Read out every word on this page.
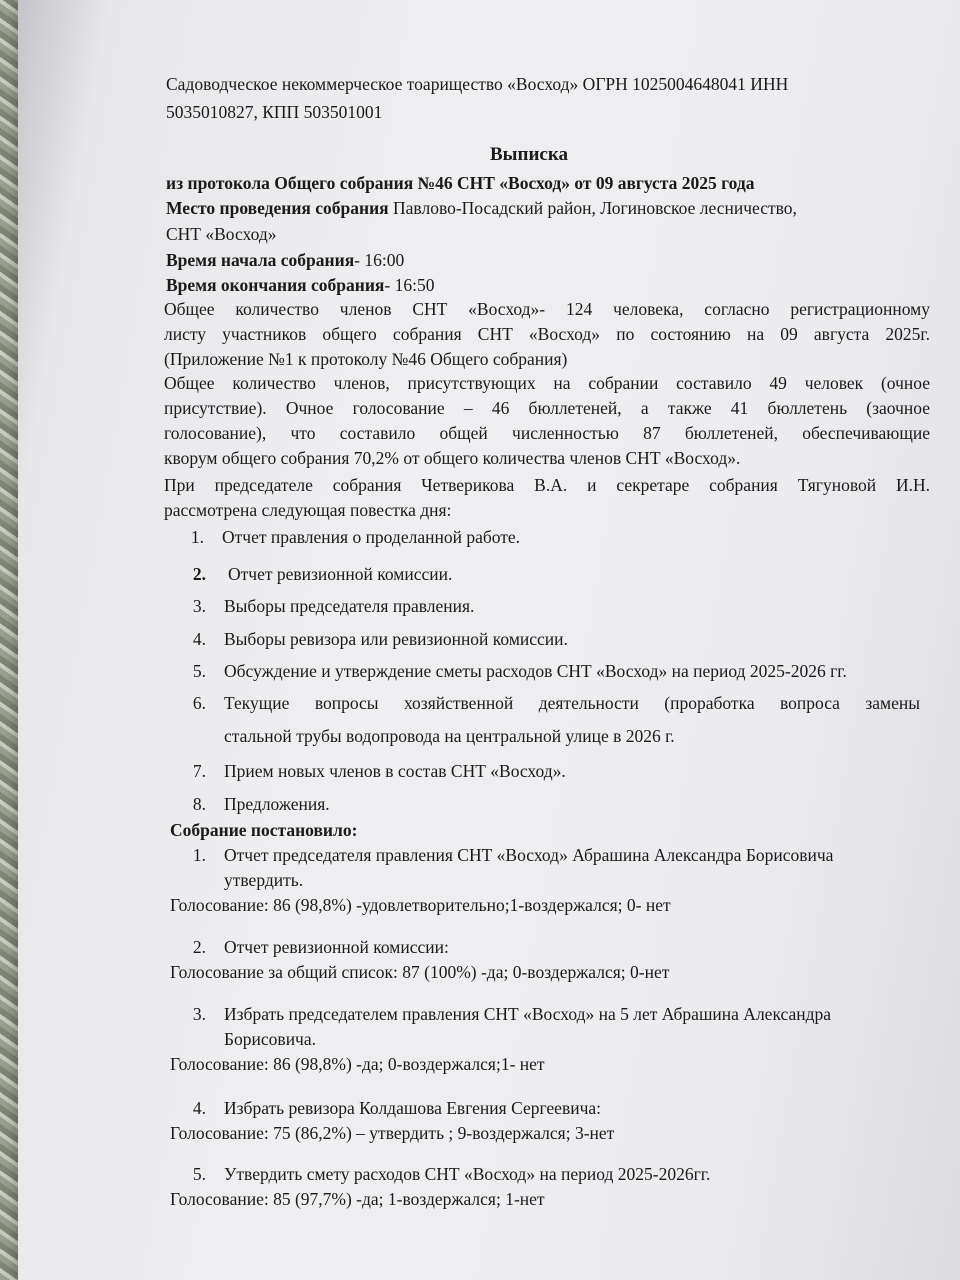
Садоводческое некоммерческое тоарищество «Восход» ОГРН 1025004648041 ИНН
5035010827, КПП 503501001
Выписка
из протокола Общего собрания №46 СНТ «Восход» от 09 августа 2025 года
Место проведения собрания Павлово-Посадский район, Логиновское лесничество,
СНТ «Восход»
Время начала собрания- 16:00
Время окончания собрания- 16:50
Общее количество членов СНТ «Восход»- 124 человека, согласно регистрационному
листу участников общего собрания СНТ «Восход» по состоянию на 09 августа 2025г.
(Приложение №1 к протоколу №46 Общего собрания)
Общее количество членов, присутствующих на собрании составило 49 человек (очное
присутствие). Очное голосование – 46 бюллетеней, а также 41 бюллетень (заочное
голосование), что составило общей численностью 87 бюллетеней, обеспечивающие
кворум общего собрания 70,2% от общего количества членов СНТ «Восход».
При председателе собрания Четверикова В.А. и секретаре собрания Тягуновой И.Н.
рассмотрена следующая повестка дня:
1. Отчет правления о проделанной работе.
2. Отчет ревизионной комиссии.
3. Выборы председателя правления.
4. Выборы ревизора или ревизионной комиссии.
5. Обсуждение и утверждение сметы расходов СНТ «Восход» на период 2025-2026 гг.
6. Текущие вопросы хозяйственной деятельности (проработка вопроса замены
стальной трубы водопровода на центральной улице в 2026 г.
7. Прием новых членов в состав СНТ «Восход».
8. Предложения.
Собрание постановило:
1. Отчет председателя правления СНТ «Восход» Абрашина Александра Борисовича
утвердить.
Голосование: 86 (98,8%) -удовлетворительно;1-воздержался; 0- нет
2. Отчет ревизионной комиссии:
Голосование за общий список: 87 (100%) -да; 0-воздержался; 0-нет
3. Избрать председателем правления СНТ «Восход» на 5 лет Абрашина Александра
Борисовича.
Голосование: 86 (98,8%) -да; 0-воздержался;1- нет
4. Избрать ревизора Колдашова Евгения Сергеевича:
Голосование: 75 (86,2%) – утвердить ; 9-воздержался; 3-нет
5. Утвердить смету расходов СНТ «Восход» на период 2025-2026гг.
Голосование: 85 (97,7%) -да; 1-воздержался; 1-нет
